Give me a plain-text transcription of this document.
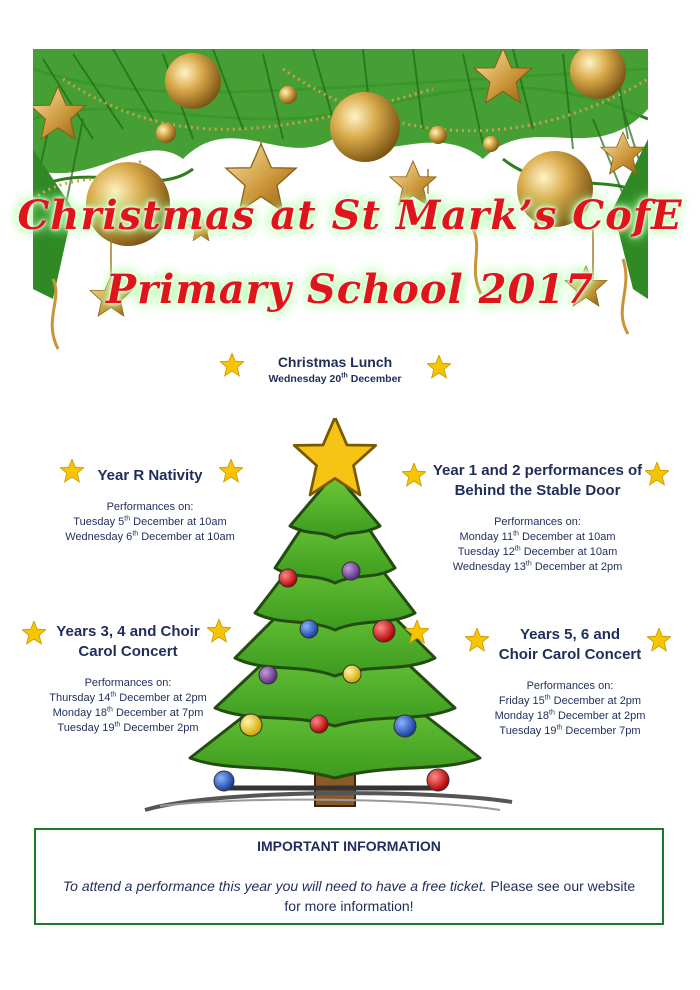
Christmas at St Mark’s CofE
Primary School 2017
Christmas Lunch
Wednesday 20th December
Year R Nativity
Performances on:
Tuesday 5th December at 10am
Wednesday 6th December at 10am
Year 1 and 2 performances of
Behind the Stable Door
Performances on:
Monday 11th December at 10am
Tuesday 12th December at 10am
Wednesday 13th December at 2pm
Years 3, 4 and Choir
Carol Concert
Performances on:
Thursday 14th December at 2pm
Monday 18th December at 7pm
Tuesday 19th December 2pm
Years 5, 6 and
Choir Carol Concert
Performances on:
Friday 15th December at 2pm
Monday 18th December at 2pm
Tuesday 19th December 7pm
IMPORTANT INFORMATION
To attend a performance this year you will need to have a free ticket. Please see our website for more information!
